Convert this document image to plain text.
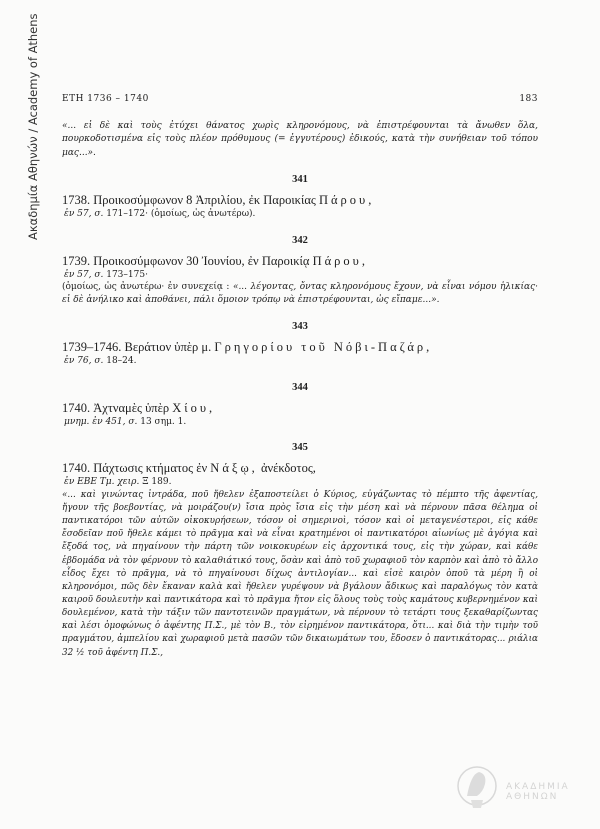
Ακαδημία Αθηνών / Academy of Athens ΕΤΗ 1736 – 1740	183

«... εἰ δὲ καὶ τοὺς ἐτύχει θάνατος χωρὶς κληρονόμους, νὰ ἐπιστρέφουνται τὰ ἄνωθεν ὅλα, πουρκοδοτισμένα εἰς τοὺς πλέον πρόθυμους (= ἐγγυτέρους) ἐδικούς, κατὰ τὴν συνήθειαν τοῦ τόπου μας...».

341

1738. Προικοσύμφωνον 8 Ἀπριλίου, ἐκ Παροικίας Πάρου,

ἐν 57, σ. 171–172· (ὁμοίως, ὡς ἀνωτέρω).

342

1739. Προικοσύμφωνον 30 Ἰουνίου, ἐν Παροικίᾳ Πάρου,

ἐν 57, σ. 173–175·

(ὁμοίως, ὡς ἀνωτέρω· ἐν συνεχείᾳ : «... λέγοντας, ὄντας κληρονόμους ἔχουν, νὰ εἶναι νόμου ἡλικίας· εἰ δὲ ἀνήλικο καὶ ἀποθάνει, πάλι ὅμοιον τρόπῳ νὰ ἐπιστρέφουνται, ὡς εἴπαμε...».

343

1739–1746. Βεράτιον ὑπὲρ μ. Γρηγορίου τοῦ Νόβι-Παζάρ,

ἐν 76, σ. 18–24.

344

1740. Ἀχτναμὲς ὑπὲρ Χίου,

μνημ. ἐν 451, σ. 13 σημ. 1.

345

1740. Πάχτωσις κτήματος ἐν Νάξῳ, ἀνέκδοτος,

ἐν ΕΒΕ Τμ. χειρ. Ξ 189.

«... καὶ γινώντας ἰντράδα, ποῦ ἤθελεν ἐξαποστείλει ὁ Κύριος, εὐγάζωντας τὸ πέμπτο τῆς ἀφεντίας, ἤγουν τῆς βοεβοντίας, νὰ μοιράζου(ν) ἴσια πρὸς ἴσια εἰς τὴν μέση καὶ νὰ πέρνουν πᾶσα θέλημα οἱ παντικατόροι τῶν αὐτῶν οἰκοκυρήσεων, τόσον οἱ σημερινοὶ, τόσον καὶ οἱ μεταγενέστεροι, εἰς κάθε ἔσοδεῖαν ποῦ ἤθελε κάμει τὸ πρᾶγμα καὶ νὰ εἶναι κρατημένοι οἱ παντικατόροι αἰωνίως μὲ ἀγόγια καὶ ἔξοδά τος, νὰ πηγαίνουν τὴν πάρτη τῶν νοικοκυρέων εἰς ἀρχοντικά τους, εἰς τὴν χώραν, καὶ κάθε ἑβδομάδα νὰ τὸν φέρνουν τὸ καλαθιάτικό τους, ὅσὰν καὶ ἀπὸ τοῦ χωραφιοῦ τὸν καρπὸν καὶ ἀπὸ τὸ ἄλλο εἶδος ἔχει τὸ πρᾶγμα, νὰ τὸ πηγαίνουσι δίχως ἀντιλογίαν... καὶ εἰσὲ καιρὸν ὁποῦ τὰ μέρη ἢ οἱ κληρονόμοι, πῶς δὲν ἔκαναν καλὰ καὶ ἤθελεν γυρέψουν νὰ βγάλουν ἄδικως καὶ παραλόγως τὸν κατὰ καιροῦ δουλευτὴν καὶ παντικάτορα καὶ τὸ πρᾶγμα ἤτον εἰς ὅλους τοὺς τοὺς καμάτους κυβερνημένον καὶ δουλεμένον, κατὰ τὴν τάξιν τῶν παντοτεινῶν πραγμάτων, νὰ πέρνουν τὸ τετάρτι τους ξεκαθαρίζωντας καὶ λέσι ὁμοφώνως ὁ ἀφέντης Π.Σ., μὲ τὸν Β., τὸν εἰρημένον παντικάτορα, ὅτι... καὶ διὰ τὴν τιμὴν τοῦ πραγμάτου, ἀμπελίου καὶ χωραφιοῦ μετὰ πασῶν τῶν δικαιωμάτων του, ἔδοσεν ὁ παντικάτορας... ριάλια 32 ½ τοῦ ἀφέντη Π.Σ.,

ΑΚΑΔΗΜΙΑ ΑΘΗΝΩΝ
